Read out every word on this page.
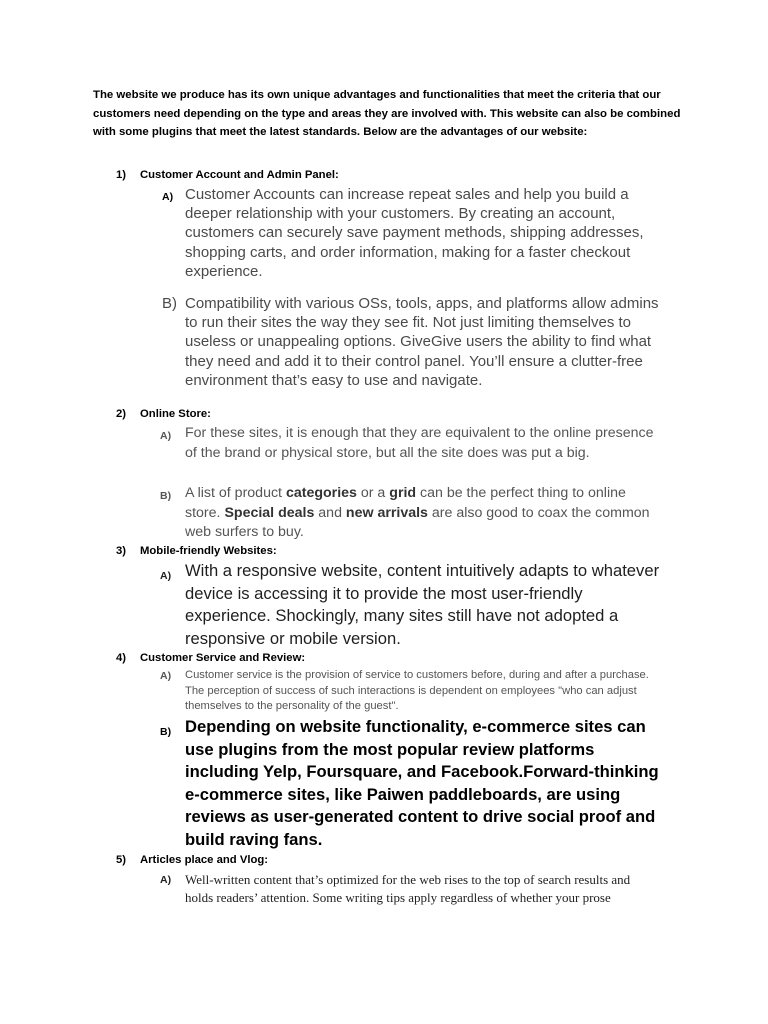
The website we produce has its own unique advantages and functionalities that meet the criteria that our customers need depending on the type and areas they are involved with. This website can also be combined with some plugins that meet the latest standards. Below are the advantages of our website:

1) Customer Account and Admin Panel:

A) Customer Accounts can increase repeat sales and help you build a deeper relationship with your customers. By creating an account, customers can securely save payment methods, shipping addresses, shopping carts, and order information, making for a faster checkout experience.
B) Compatibility with various OSs, tools, apps, and platforms allow admins to run their sites the way they see fit. Not just limiting themselves to useless or unappealing options. GiveGive users the ability to find what they need and add it to their control panel. You’ll ensure a clutter-free environment that’s easy to use and navigate.

2) Online Store:

A) For these sites, it is enough that they are equivalent to the online presence of the brand or physical store, but all the site does was put a big.
B) A list of product categories or a grid can be the perfect thing to online store. Special deals and new arrivals are also good to coax the common web surfers to buy.

3) Mobile-friendly Websites:

A) With a responsive website, content intuitively adapts to whatever device is accessing it to provide the most user-friendly experience. Shockingly, many sites still have not adopted a responsive or mobile version.

4) Customer Service and Review:

A) Customer service is the provision of service to customers before, during and after a purchase. The perception of success of such interactions is dependent on employees "who can adjust themselves to the personality of the guest".
B) Depending on website functionality, e-commerce sites can use plugins from the most popular review platforms including Yelp, Foursquare, and Facebook.Forward-thinking e-commerce sites, like Paiwen paddleboards, are using reviews as user-generated content to drive social proof and build raving fans.

5) Articles place and Vlog:

A) Well-written content that’s optimized for the web rises to the top of search results and holds readers’ attention. Some writing tips apply regardless of whether your prose
